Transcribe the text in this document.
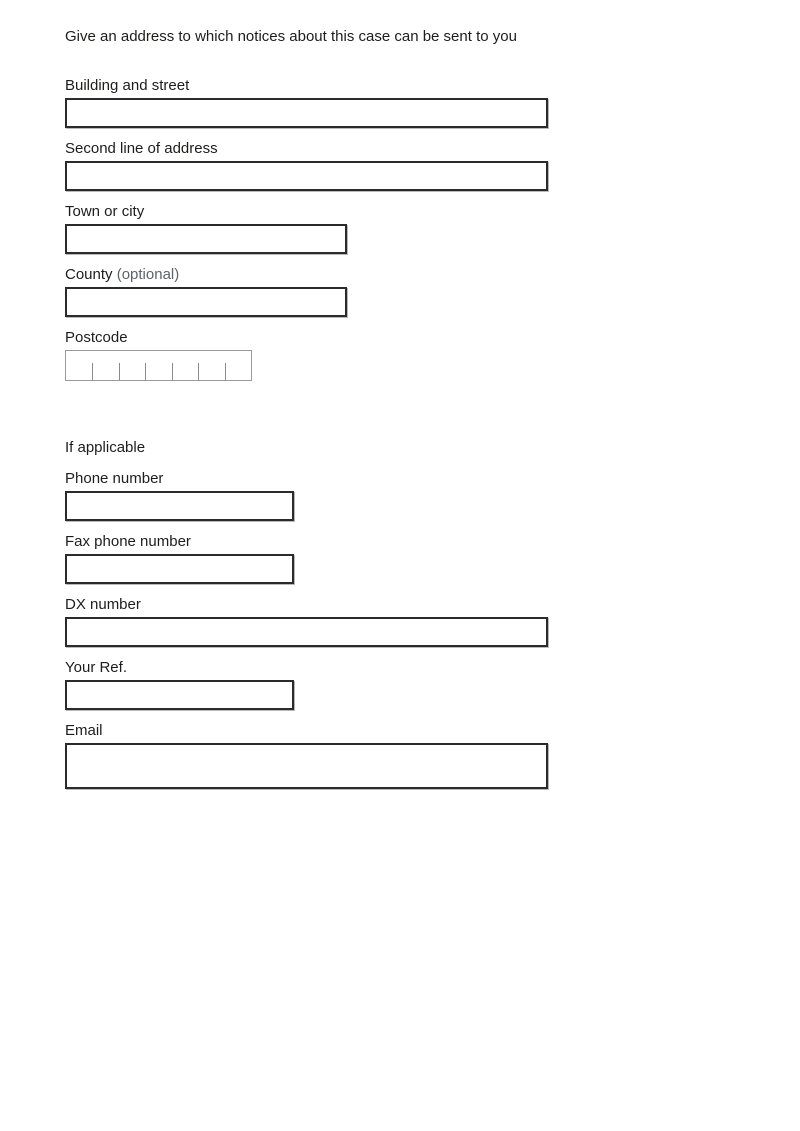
Give an address to which notices about this case can be sent to you
Building and street
Second line of address
Town or city
County (optional)
Postcode
If applicable
Phone number
Fax phone number
DX number
Your Ref.
Email
